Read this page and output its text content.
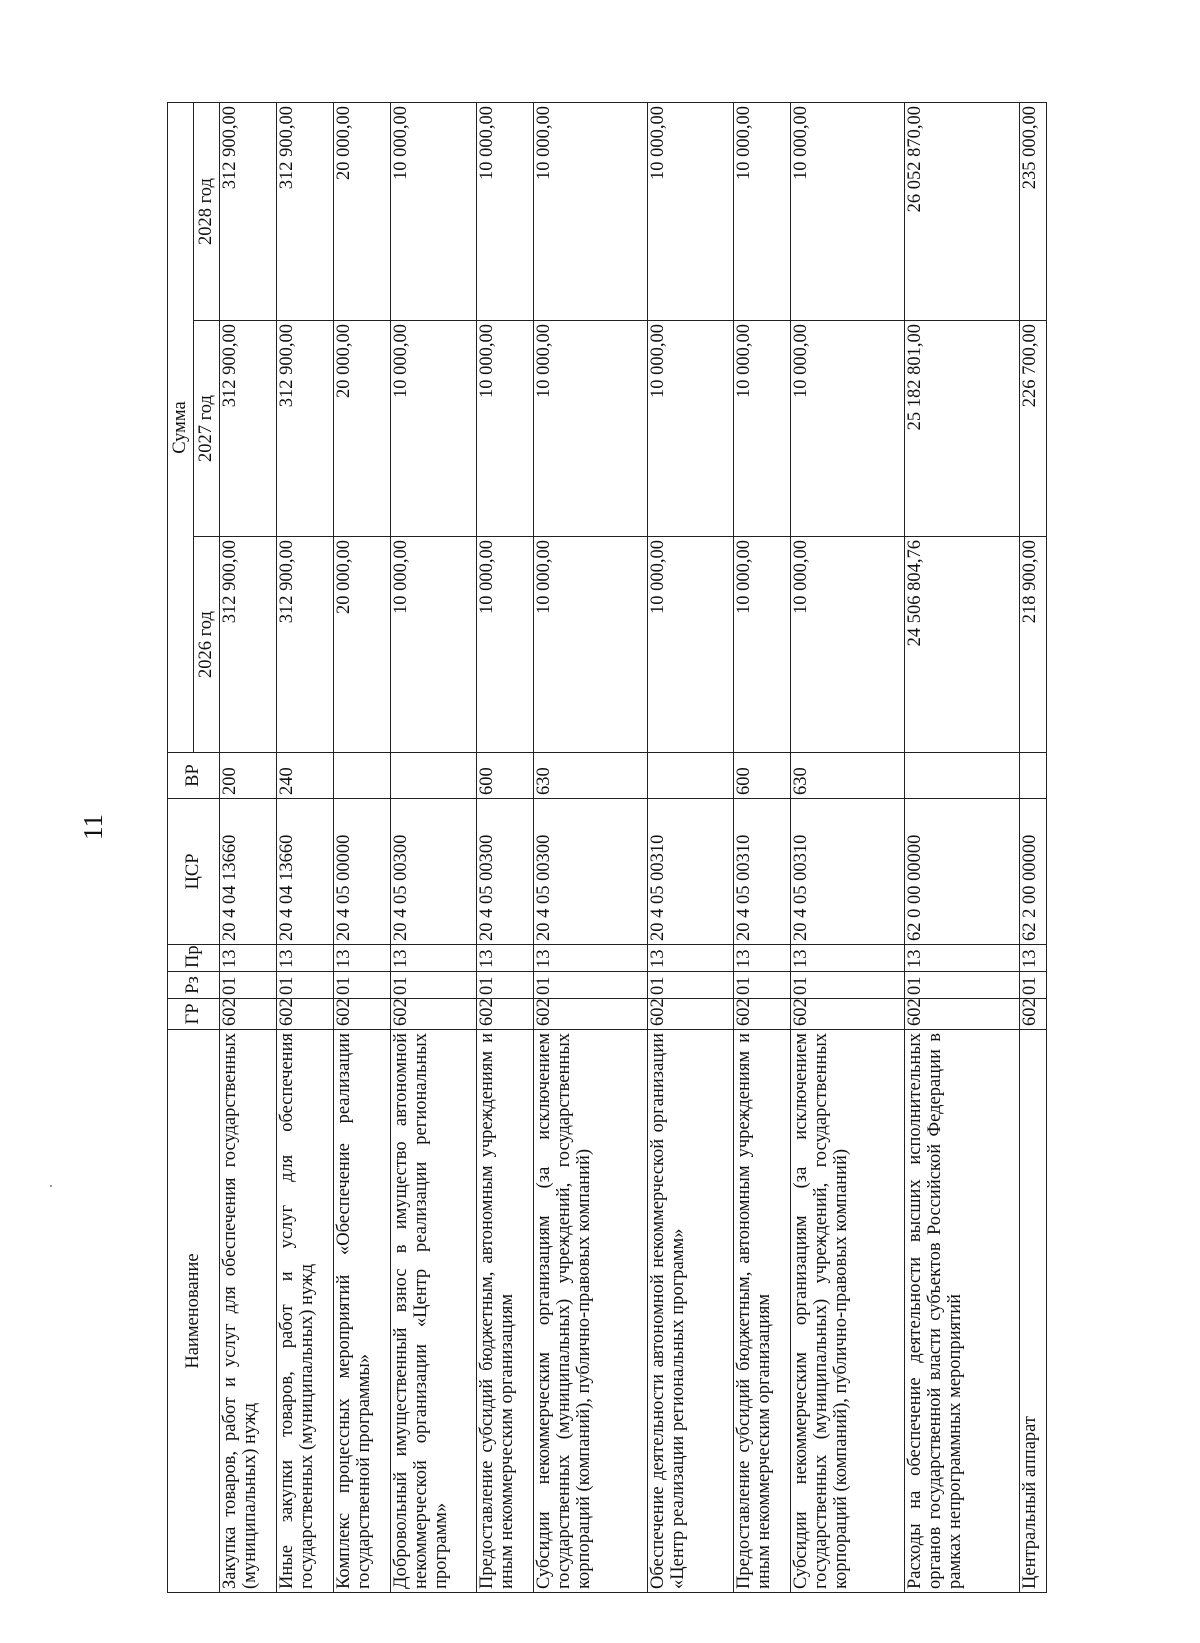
11
Наименование	ГР	Рз	Пр	ЦСР	ВР	Сумма		
						2026 год	2027 год	2028 год
Закупка товаров, работ и услуг для обеспечения государственных (муниципальных) нужд	602	01	13	20 4 04 13660	200	312 900,00	312 900,00	312 900,00
Иные закупки товаров, работ и услуг для обеспечения государственных (муниципальных) нужд	602	01	13	20 4 04 13660	240	312 900,00	312 900,00	312 900,00
Комплекс процессных мероприятий «Обеспечение реализации государственной программы»	602	01	13	20 4 05 00000		20 000,00	20 000,00	20 000,00
Добровольный имущественный взнос в имущество автономной некоммерческой организации «Центр реализации региональных программ»	602	01	13	20 4 05 00300		10 000,00	10 000,00	10 000,00
Предоставление субсидий бюджетным, автономным учреждениям и иным некоммерческим организациям	602	01	13	20 4 05 00300	600	10 000,00	10 000,00	10 000,00
Субсидии некоммерческим организациям (за исключением государственных (муниципальных) учреждений, государственных корпораций (компаний), публично-правовых компаний)	602	01	13	20 4 05 00300	630	10 000,00	10 000,00	10 000,00
Обеспечение деятельности автономной некоммерческой организации «Центр реализации региональных программ»	602	01	13	20 4 05 00310		10 000,00	10 000,00	10 000,00
Предоставление субсидий бюджетным, автономным учреждениям и иным некоммерческим организациям	602	01	13	20 4 05 00310	600	10 000,00	10 000,00	10 000,00
Субсидии некоммерческим организациям (за исключением государственных (муниципальных) учреждений, государственных корпораций (компаний), публично-правовых компаний)	602	01	13	20 4 05 00310	630	10 000,00	10 000,00	10 000,00
Расходы на обеспечение деятельности высших исполнительных органов государственной власти субъектов Российской Федерации в рамках непрограммных мероприятий	602	01	13	62 0 00 00000		24 506 804,76	25 182 801,00	26 052 870,00
Центральный аппарат	602	01	13	62 2 00 00000		218 900,00	226 700,00	235 000,00
